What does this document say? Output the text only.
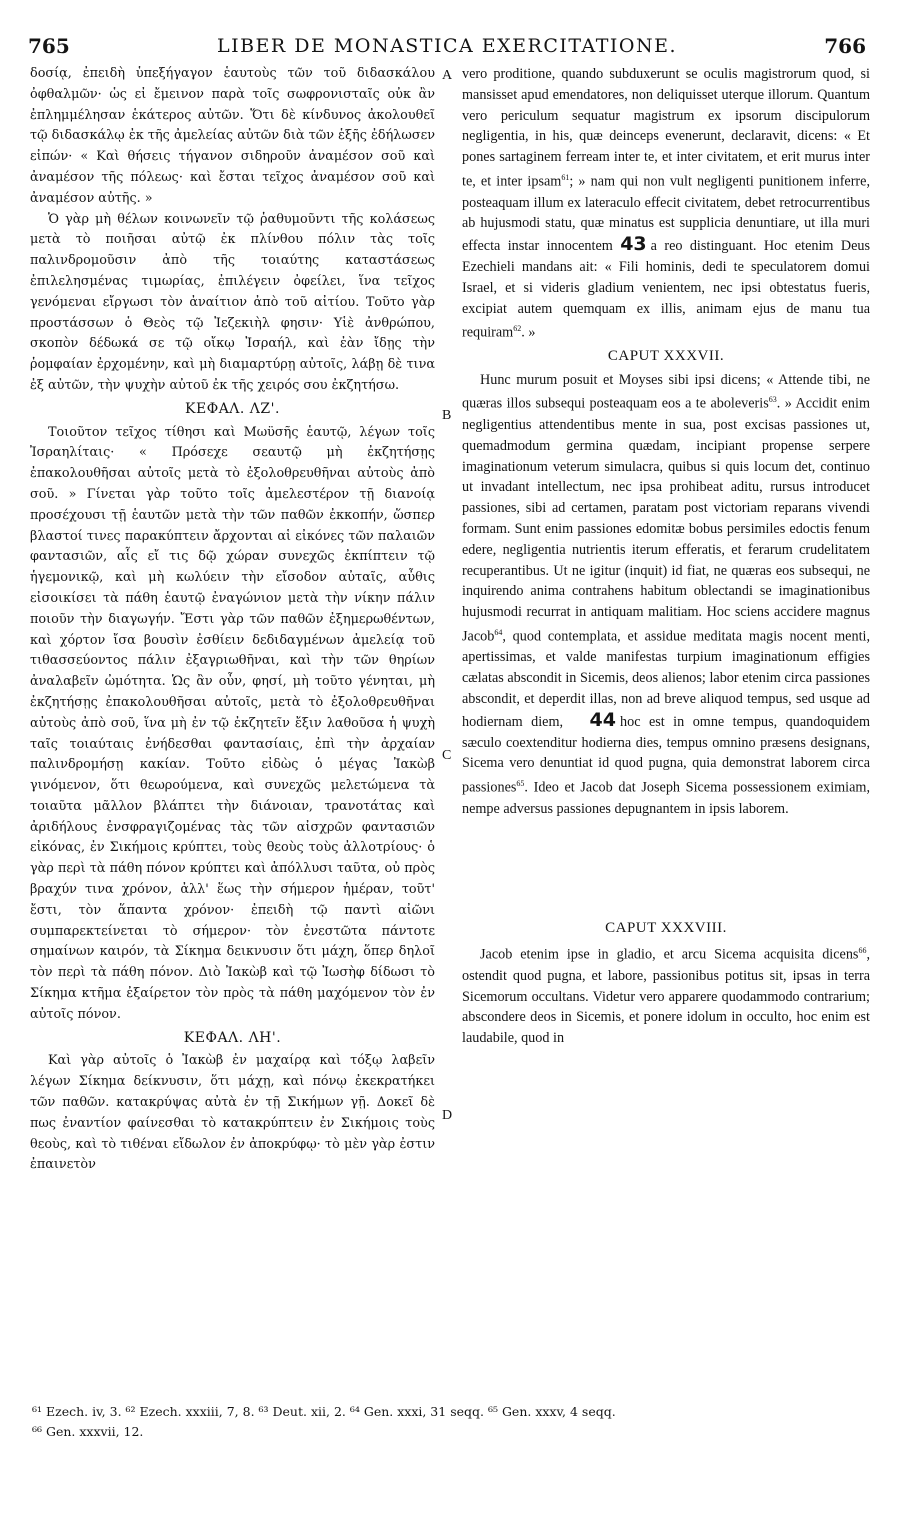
765	LIBER DE MONASTICA EXERCITATIONE.	766
A
B
C
D

δοσίᾳ, ἐπειδὴ ὑπεξήγαγον ἑαυτοὺς τῶν τοῦ διδασκάλου ὀφθαλμῶν· ὡς εἰ ἔμεινον παρὰ τοῖς σωφρονισταῖς οὐκ ἂν ἐπλημμέλησαν ἑκάτερος αὐτῶν. Ὅτι δὲ κίνδυνος ἀκολουθεῖ τῷ διδασκάλῳ ἐκ τῆς ἀμελείας αὐτῶν διὰ τῶν ἑξῆς ἐδήλωσεν εἰπών· « Καὶ θήσεις τήγανον σιδηροῦν ἀναμέσον σοῦ καὶ ἀναμέσον τῆς πόλεως· καὶ ἔσται τεῖχος ἀναμέσον σοῦ καὶ ἀναμέσον αὐτῆς. »

Ὁ γὰρ μὴ θέλων κοινωνεῖν τῷ ῥαθυμοῦντι τῆς κολάσεως μετὰ τὸ ποιῆσαι αὐτῷ ἐκ πλίνθου πόλιν τὰς τοῖς παλινδρομοῦσιν ἀπὸ τῆς τοιαύτης καταστάσεως ἐπιλελησμένας τιμωρίας, ἐπιλέγειν ὀφείλει, ἵνα τεῖχος γενόμεναι εἴργωσι τὸν ἀναίτιον ἀπὸ τοῦ αἰτίου. Τοῦτο γὰρ προστάσσων ὁ Θεὸς τῷ Ἰεζεκιὴλ φησιν· Υἱὲ ἀνθρώπου, σκοπὸν δέδωκά σε τῷ οἴκῳ Ἰσραήλ, καὶ ἐὰν ἴδῃς τὴν ῥομφαίαν ἐρχομένην, καὶ μὴ διαμαρτύρῃ αὐτοῖς, λάβῃ δὲ τινα ἐξ αὐτῶν, τὴν ψυχὴν αὐτοῦ ἐκ τῆς χειρός σου ἐκζητήσω.

ΚΕΦΑΛ. ΛΖ'.

Τοιοῦτον τεῖχος τίθησι καὶ Μωϋσῆς ἑαυτῷ, λέγων τοῖς Ἰσραηλίταις· « Πρόσεχε σεαυτῷ μὴ ἐκζητήσῃς ἐπακολουθῆσαι αὐτοῖς μετὰ τὸ ἐξολοθρευθῆναι αὐτοὺς ἀπὸ σοῦ. » Γίνεται γὰρ τοῦτο τοῖς ἀμελεστέρον τῇ διανοίᾳ προσέχουσι τῇ ἑαυτῶν μετὰ τὴν τῶν παθῶν ἐκκοπήν, ὥσπερ βλαστοί τινες παρακύπτειν ἄρχονται αἱ εἰκόνες τῶν παλαιῶν φαντασιῶν, αἷς εἴ τις δῷ χώραν συνεχῶς ἐκπίπτειν τῷ ἡγεμονικῷ, καὶ μὴ κωλύειν τὴν εἴσοδον αὐταῖς, αὖθις εἰσοικίσει τὰ πάθη ἑαυτῷ ἐναγώνιον μετὰ τὴν νίκην πάλιν ποιοῦν τὴν διαγωγήν. Ἔστι γὰρ τῶν παθῶν ἐξημερωθέντων, καὶ χόρτον ἴσα βουσὶν ἐσθίειν δεδιδαγμένων ἀμελείᾳ τοῦ τιθασσεύοντος πάλιν ἐξαγριωθῆναι, καὶ τὴν τῶν θηρίων ἀναλαβεῖν ὠμότητα. Ὡς ἂν οὖν, φησί, μὴ τοῦτο γένηται, μὴ ἐκζητήσῃς ἐπακολουθῆσαι αὐτοῖς, μετὰ τὸ ἐξολοθρευθῆναι αὐτοὺς ἀπὸ σοῦ, ἵνα μὴ ἐν τῷ ἐκζητεῖν ἔξιν λαθοῦσα ἡ ψυχὴ ταῖς τοιαύταις ἐνήδεσθαι φαντασίαις, ἐπὶ τὴν ἀρχαίαν παλινδρομήσῃ κακίαν. Τοῦτο εἰδὼς ὁ μέγας Ἰακὼβ γινόμενον, ὅτι θεωρούμενα, καὶ συνεχῶς μελετώμενα τὰ τοιαῦτα μᾶλλον βλάπτει τὴν διάνοιαν, τρανοτάτας καὶ ἀριδήλους ἐνσφραγιζομένας τὰς τῶν αἰσχρῶν φαντασιῶν εἰκόνας, ἐν Σικήμοις κρύπτει, τοὺς θεοὺς τοὺς ἀλλοτρίους· ὁ γὰρ περὶ τὰ πάθη πόνον κρύπτει καὶ ἀπόλλυσι ταῦτα, οὐ πρὸς βραχύν τινα χρόνον, ἀλλ' ἕως τὴν σήμερον ἡμέραν, τοῦτ' ἔστι, τὸν ἅπαντα χρόνον· ἐπειδὴ τῷ παντὶ αἰῶνι συμπαρεκτείνεται τὸ σήμερον· τὸν ἐνεστῶτα πάντοτε σημαίνων καιρόν, τὰ Σίκημα δεικνυσιν ὅτι μάχη, ὅπερ δηλοῖ τὸν περὶ τὰ πάθη πόνον. Διὸ Ἰακὼβ καὶ τῷ Ἰωσὴφ δίδωσι τὸ Σίκημα κτῆμα ἐξαίρετον τὸν πρὸς τὰ πάθη μαχόμενον τὸν ἐν αὐτοῖς πόνον.

ΚΕΦΑΛ. ΛΗ'.

Καὶ γὰρ αὐτοῖς ὁ Ἰακὼβ ἐν μαχαίρᾳ καὶ τόξῳ λαβεῖν λέγων Σίκημα δείκνυσιν, ὅτι μάχῃ, καὶ πόνῳ ἐκεκρατήκει τῶν παθῶν. κατακρύψας αὐτὰ ἐν τῇ Σικήμων γῇ. Δοκεῖ δὲ πως ἐναντίον φαίνεσθαι τὸ κατακρύπτειν ἐν Σικήμοις τοὺς θεοὺς, καὶ τὸ τιθέναι εἴδωλον ἐν ἀποκρύφῳ· τὸ μὲν γὰρ ἐστιν ἐπαινετὸν

vero proditione, quando subduxerunt se oculis magistrorum quod, si mansisset apud emendatores, non deliquisset uterque illorum. Quantum vero periculum sequatur magistrum ex ipsorum discipulorum negligentia, in his, quæ deinceps evenerunt, declaravit, dicens: « Et pones sartaginem ferream inter te, et inter civitatem, et erit murus inter te, et inter ipsam$^{61}$; » nam qui non vult negligenti punitionem inferre, posteaquam illum ex lateraculo effecit civitatem, debet retrocurrentibus ab hujusmodi statu, quæ minatus est supplicia denuntiare, ut illa muri effecta instar innocentem 43 a reo distinguant. Hoc etenim Deus Ezechieli mandans ait: « Fili hominis, dedi te speculatorem domui Israel, et si videris gladium venientem, nec ipsi obtestatus fueris, excipiat autem quemquam ex illis, animam ejus de manu tua requiram$^{62}$. »

CAPUT XXXVII.

Hunc murum posuit et Moyses sibi ipsi dicens; « Attende tibi, ne quæras illos subsequi posteaquam eos a te aboleveris$^{63}$. » Accidit enim negligentius attendentibus mente in sua, post excisas passiones ut, quemadmodum germina quædam, incipiant propense serpere imaginationum veterum simulacra, quibus si quis locum det, continuo ut invadant intellectum, nec ipsa prohibeat aditu, rursus introducet passiones, sibi ad certamen, paratam post victoriam reparans vivendi formam. Sunt enim passiones edomitæ bobus persimiles edoctis fenum edere, negligentia nutrientis iterum efferatis, et ferarum crudelitatem recuperantibus. Ut ne igitur (inquit) id fiat, ne quæras eos subsequi, ne inquirendo anima contrahens habitum oblectandi se imaginationibus hujusmodi recurrat in antiquam malitiam. Hoc sciens accidere magnus Jacob$^{64}$, quod contemplata, et assidue meditata magis nocent menti, apertissimas, et valde manifestas turpium imaginationum effigies cælatas abscondit in Sicemis, deos alienos; labor etenim circa passiones abscondit, et deperdit illas, non ad breve aliquod tempus, sed usque ad hodiernam diem, 44 hoc est in omne tempus, quandoquidem sæculo coextenditur hodierna dies, tempus omnino præsens designans, Sicema vero denuntiat id quod pugna, quia demonstrat laborem circa passiones$^{65}$. Ideo et Jacob dat Joseph Sicema possessionem eximiam, nempe adversus passiones depugnantem in ipsis laborem.

CAPUT XXXVIII.

Jacob etenim ipse in gladio, et arcu Sicema acquisita dicens$^{66}$, ostendit quod pugna, et labore, passionibus potitus sit, ipsas in terra Sicemorum occultans. Videtur vero apparere quodammodo contrarium; abscondere deos in Sicemis, et ponere idolum in occulto, hoc enim est laudabile, quod in

⁶¹ Ezech. iv, 3. ⁶² Ezech. xxxiii, 7, 8. ⁶³ Deut. xii, 2. ⁶⁴ Gen. xxxi, 31 seqq. ⁶⁵ Gen. xxxv, 4 seqq.
⁶⁶ Gen. xxxvii, 12.
